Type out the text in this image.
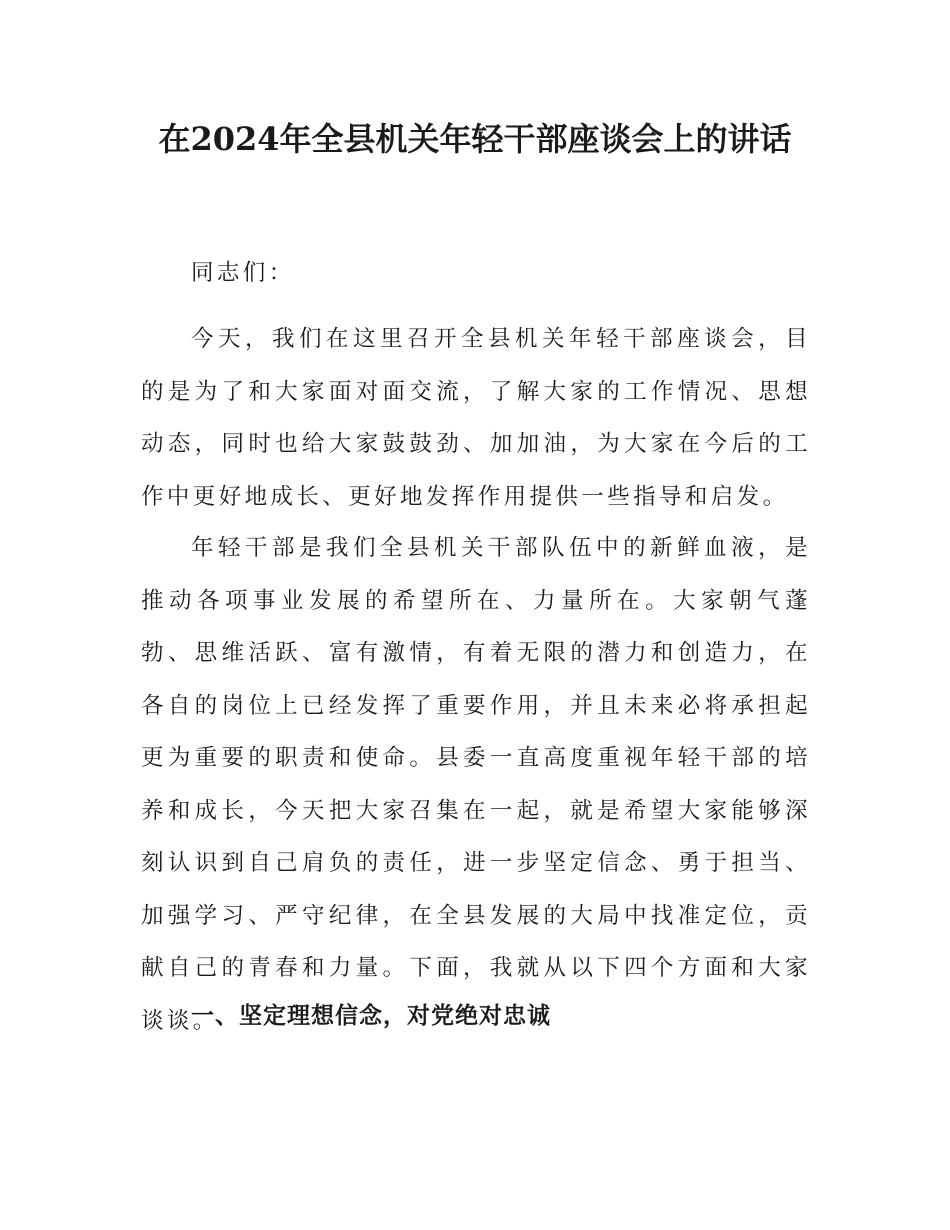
在2024年全县机关年轻干部座谈会上的讲话

同志们：

今天，我们在这里召开全县机关年轻干部座谈会，目的是为了和大家面对面交流，了解大家的工作情况、思想动态，同时也给大家鼓鼓劲、加加油，为大家在今后的工作中更好地成长、更好地发挥作用提供一些指导和启发。

年轻干部是我们全县机关干部队伍中的新鲜血液，是推动各项事业发展的希望所在、力量所在。大家朝气蓬勃、思维活跃、富有激情，有着无限的潜力和创造力，在各自的岗位上已经发挥了重要作用，并且未来必将承担起更为重要的职责和使命。县委一直高度重视年轻干部的培养和成长，今天把大家召集在一起，就是希望大家能够深刻认识到自己肩负的责任，进一步坚定信念、勇于担当、加强学习、严守纪律，在全县发展的大局中找准定位，贡献自己的青春和力量。下面，我就从以下四个方面和大家谈谈。

一、坚定理想信念，对党绝对忠诚
